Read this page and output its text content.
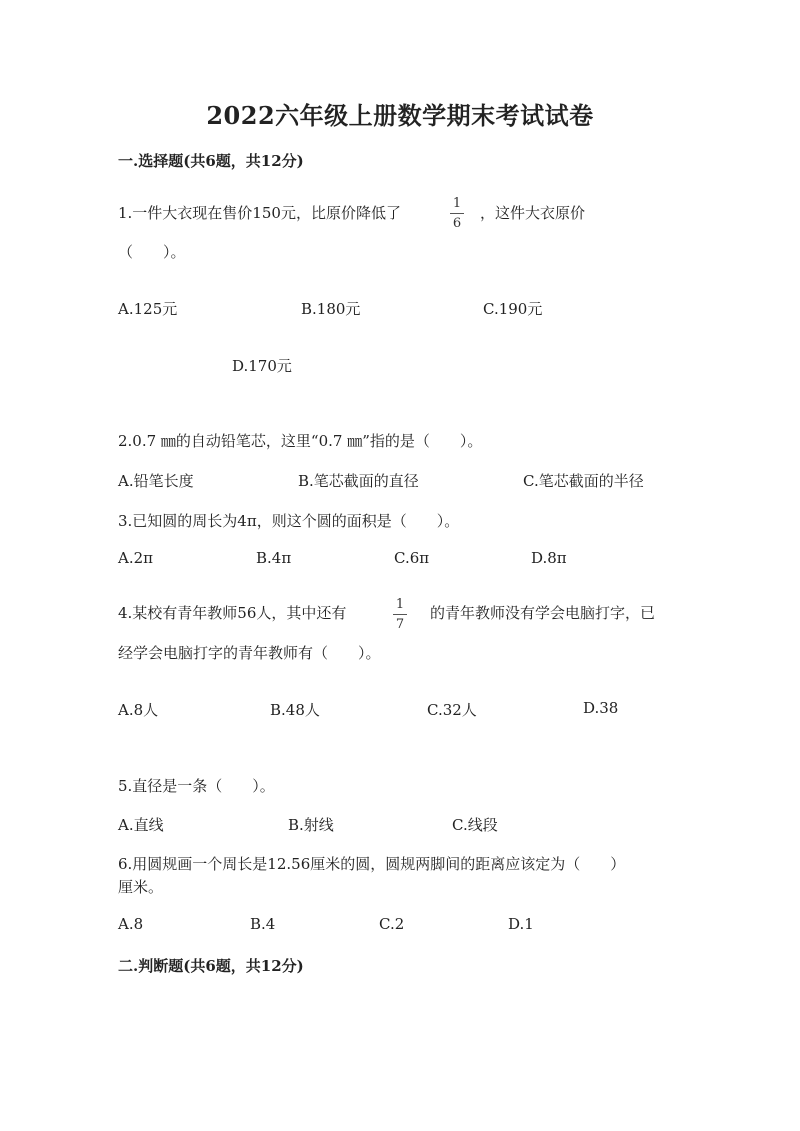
2022六年级上册数学期末考试试卷
一.选择题(共6题，共12分)
1.一件大衣现在售价150元，比原价降低了
1
6
，这件大衣原价
（　　）。
A.125元	B.180元	C.190元
D.170元
2.0.7 ㎜的自动铅笔芯，这里“0.7 ㎜”指的是（　　）。
A.铅笔长度	B.笔芯截面的直径	C.笔芯截面的半径
3.已知圆的周长为4π，则这个圆的面积是（　　）。
A.2π	B.4π	C.6π	D.8π
4.某校有青年教师56人，其中还有	1
7
的青年教师没有学会电脑打字，已
经学会电脑打字的青年教师有（　　）。
A.8人	B.48人	C.32人	D.38
5.直径是一条（　　）。
A.直线	B.射线	C.线段
6.用圆规画一个周长是12.56厘米的圆，圆规两脚间的距离应该定为（　　）
厘米。
A.8	B.4	C.2	D.1
二.判断题(共6题，共12分)
